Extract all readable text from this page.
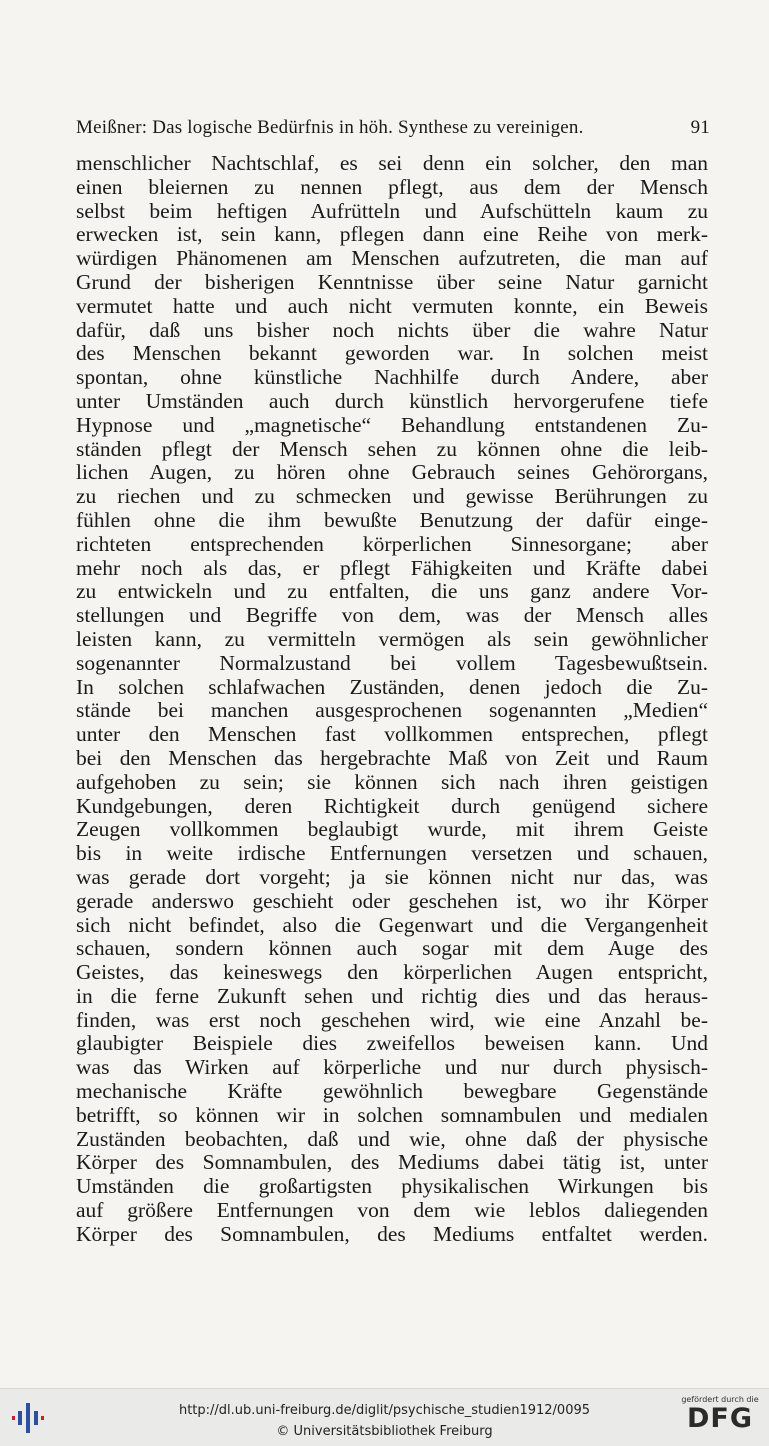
Meißner: Das logische Bedürfnis in höh. Synthese zu vereinigen.	91
menschlicher Nachtschlaf, es sei denn ein solcher, den man
einen bleiernen zu nennen pflegt, aus dem der Mensch
selbst beim heftigen Aufrütteln und Aufschütteln kaum zu
erwecken ist, sein kann, pflegen dann eine Reihe von merk-
würdigen Phänomenen am Menschen aufzutreten, die man auf
Grund der bisherigen Kenntnisse über seine Natur garnicht
vermutet hatte und auch nicht vermuten konnte, ein Beweis
dafür, daß uns bisher noch nichts über die wahre Natur
des Menschen bekannt geworden war. In solchen meist
spontan, ohne künstliche Nachhilfe durch Andere, aber
unter Umständen auch durch künstlich hervorgerufene tiefe
Hypnose und „magnetische“ Behandlung entstandenen Zu-
ständen pflegt der Mensch sehen zu können ohne die leib-
lichen Augen, zu hören ohne Gebrauch seines Gehörorgans,
zu riechen und zu schmecken und gewisse Berührungen zu
fühlen ohne die ihm bewußte Benutzung der dafür einge-
richteten entsprechenden körperlichen Sinnesorgane; aber
mehr noch als das, er pflegt Fähigkeiten und Kräfte dabei
zu entwickeln und zu entfalten, die uns ganz andere Vor-
stellungen und Begriffe von dem, was der Mensch alles
leisten kann, zu vermitteln vermögen als sein gewöhnlicher
sogenannter Normalzustand bei vollem Tagesbewußtsein.
In solchen schlafwachen Zuständen, denen jedoch die Zu-
stände bei manchen ausgesprochenen sogenannten „Medien“
unter den Menschen fast vollkommen entsprechen, pflegt
bei den Menschen das hergebrachte Maß von Zeit und Raum
aufgehoben zu sein; sie können sich nach ihren geistigen
Kundgebungen, deren Richtigkeit durch genügend sichere
Zeugen vollkommen beglaubigt wurde, mit ihrem Geiste
bis in weite irdische Entfernungen versetzen und schauen,
was gerade dort vorgeht; ja sie können nicht nur das, was
gerade anderswo geschieht oder geschehen ist, wo ihr Körper
sich nicht befindet, also die Gegenwart und die Vergangenheit
schauen, sondern können auch sogar mit dem Auge des
Geistes, das keineswegs den körperlichen Augen entspricht,
in die ferne Zukunft sehen und richtig dies und das heraus-
finden, was erst noch geschehen wird, wie eine Anzahl be-
glaubigter Beispiele dies zweifellos beweisen kann. Und
was das Wirken auf körperliche und nur durch physisch-
mechanische Kräfte gewöhnlich bewegbare Gegenstände
betrifft, so können wir in solchen somnambulen und medialen
Zuständen beobachten, daß und wie, ohne daß der physische
Körper des Somnambulen, des Mediums dabei tätig ist, unter
Umständen die großartigsten physikalischen Wirkungen bis
auf größere Entfernungen von dem wie leblos daliegenden
Körper des Somnambulen, des Mediums entfaltet werden.
http://dl.ub.uni-freiburg.de/diglit/psychische_studien1912/0095
© Universitätsbibliothek Freiburg
gefördert durch die
DFG
